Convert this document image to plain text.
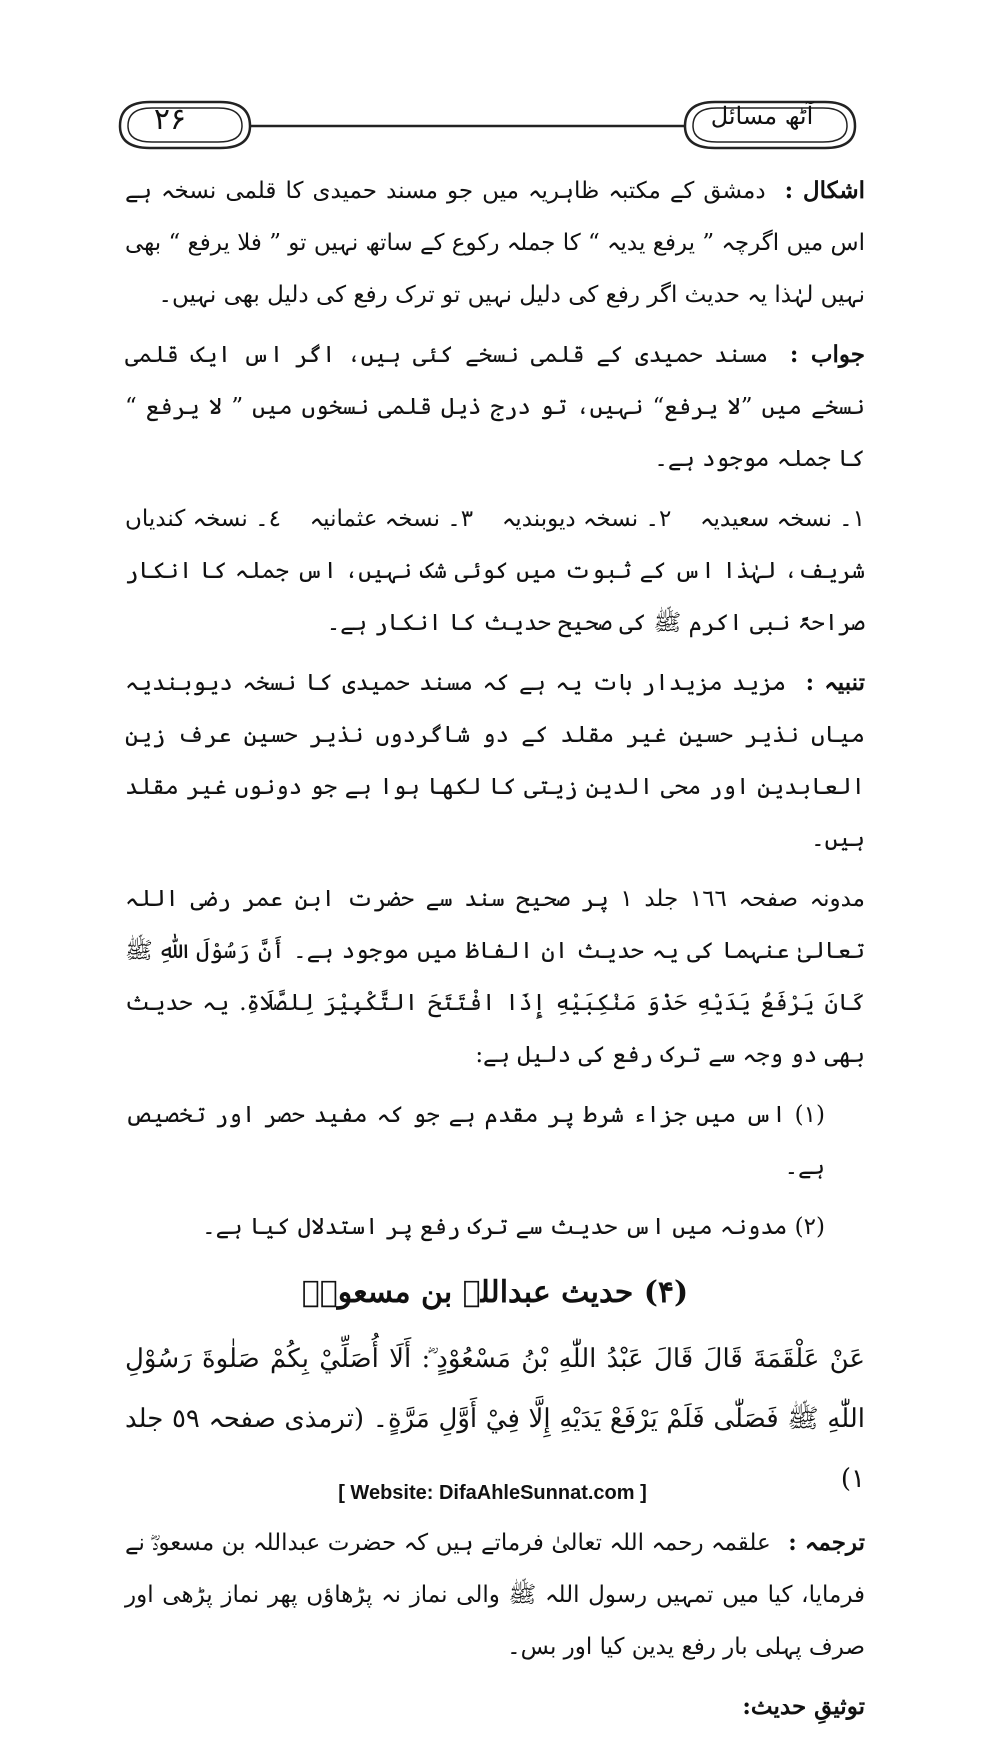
۲۶	آٹھ مسائل

اشکال : دمشق کے مکتبہ ظاہریہ میں جو مسند حمیدی کا قلمی نسخہ ہے اس میں اگرچہ ” یرفع یدیہ “ کا جملہ رکوع کے ساتھ نہیں تو ” فلا یرفع “ بھی نہیں لہٰذا یہ حدیث اگر رفع کی دلیل نہیں تو ترک رفع کی دلیل بھی نہیں۔

جواب : مسند حمیدی کے قلمی نسخے کئی ہیں، اگر اس ایک قلمی نسخے میں ”لا یرفع“ نہیں، تو درج ذیل قلمی نسخوں میں ” لا یرفع “ کا جملہ موجود ہے۔

۱۔ نسخہ سعیدیہ
۲۔ نسخہ دیوبندیہ
۳۔ نسخہ عثمانیہ
٤۔ نسخہ کندیاں

شریف، لہٰذا اس کے ثبوت میں کوئی شک نہیں، اس جملہ کا انکار صراحۃً نبی اکرم ﷺ کی صحیح حدیث کا انکار ہے۔

تنبیہ : مزید مزیدار بات یہ ہے کہ مسند حمیدی کا نسخہ دیوبندیہ میاں نذیر حسین غیر مقلد کے دو شاگردوں نذیر حسین عرف زین العابدین اور محی الدین زیتی کا لکھا ہوا ہے جو دونوں غیر مقلد ہیں۔

مدونہ صفحہ ۱٦٦ جلد ۱ پر صحیح سند سے حضرت ابن عمر رضی اللہ تعالیٰ عنہما کی یہ حدیث ان الفاظ میں موجود ہے۔ أَنَّ رَسُوْلَ اللّٰهِ ﷺ كَانَ يَرْفَعُ يَدَيْهِ حَذْوَ مَنْكِبَيْهِ إِذَا افْتَتَحَ التَّكْبِيْرَ لِلصَّلَاةِ. یہ حدیث بھی دو وجہ سے ترک رفع کی دلیل ہے:

(۱) اس میں جزاء شرط پر مقدم ہے جو کہ مفید حصر اور تخصیص ہے۔

(۲) مدونہ میں اس حدیث سے ترک رفع پر استدلال کیا ہے۔

(۴) حدیث عبداللہ بن مسعودؓ

عَنْ عَلْقَمَةَ قَالَ قَالَ عَبْدُ اللّٰهِ بْنُ مَسْعُوْدٍ ؓ: أَلَا أُصَلِّيْ بِكُمْ صَلٰوةَ رَسُوْلِ اللّٰهِ ﷺ فَصَلّٰى فَلَمْ يَرْفَعْ يَدَيْهِ إِلَّا فِيْ أَوَّلِ مَرَّةٍ۔ (ترمذی صفحہ ٥٩ جلد ۱)

ترجمہ : علقمہ رحمہ اللہ تعالیٰ فرماتے ہیں کہ حضرت عبداللہ بن مسعودؓ نے فرمایا، کیا میں تمہیں رسول اللہ ﷺ والی نماز نہ پڑھاؤں پھر نماز پڑھی اور صرف پہلی بار رفع یدین کیا اور بس۔

توثیقِ حدیث:

[ Website: DifaAhleSunnat.com ]
